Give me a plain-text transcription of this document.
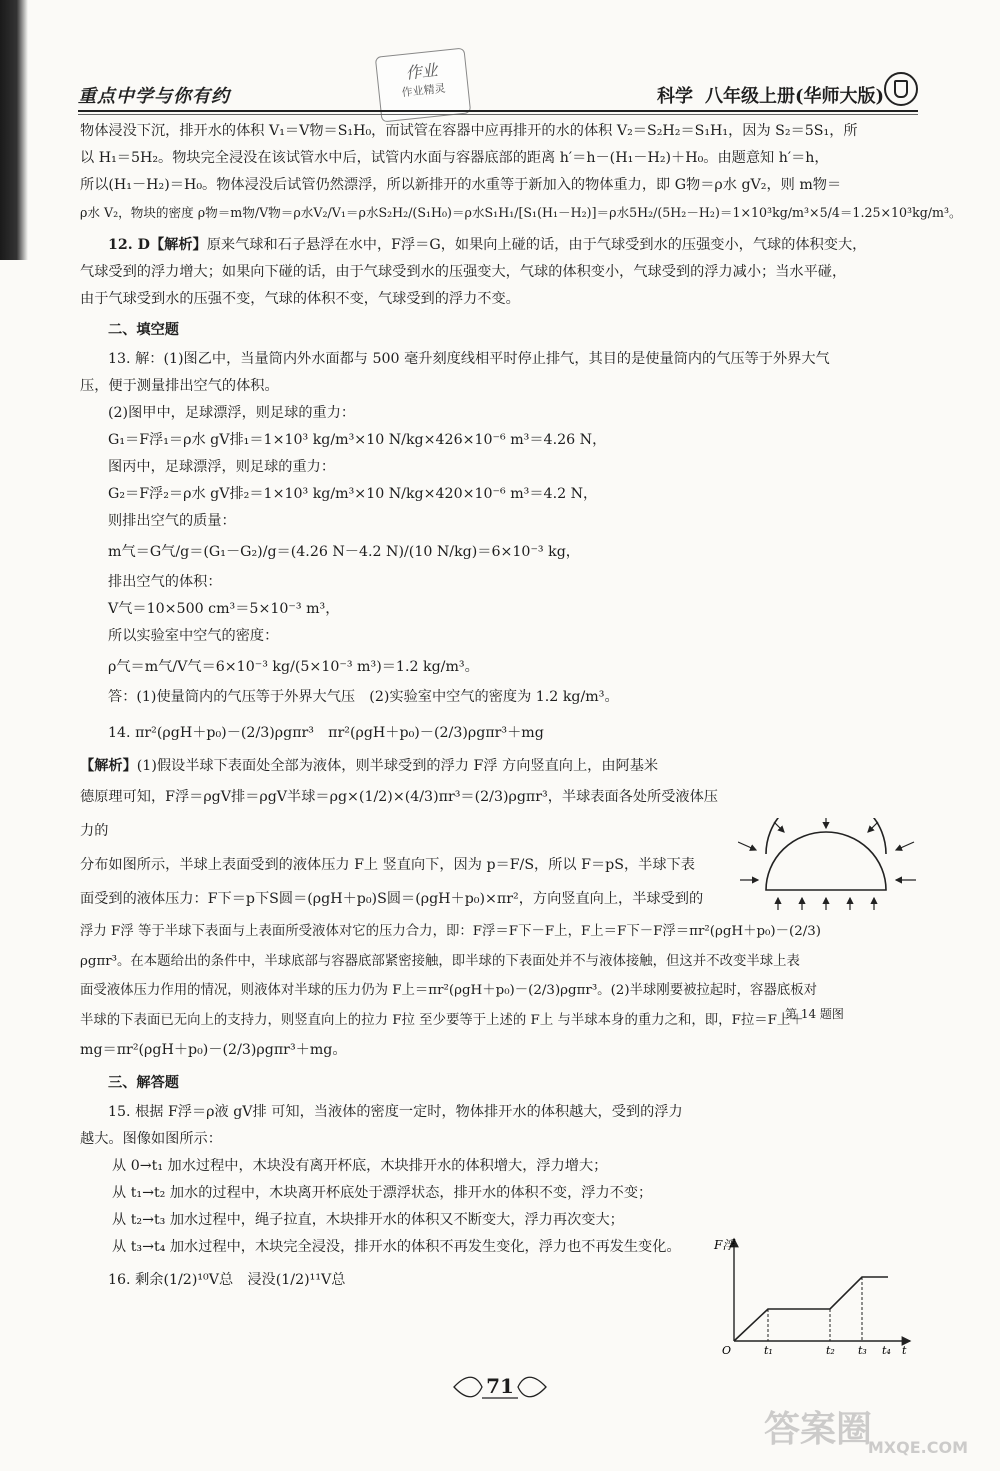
重点中学与你有约
作业
作业精灵	科学 八年级上册(华师大版)

物体浸没下沉，排开水的体积 V₁＝V物＝S₁H₀，而试管在容器中应再排开的水的体积 V₂＝S₂H₂＝S₁H₁，因为 S₂＝5S₁，所

以 H₁＝5H₂。物块完全浸没在该试管水中后，试管内水面与容器底部的距离 h′＝h－(H₁－H₂)＋H₀。由题意知 h′＝h，

所以(H₁－H₂)＝H₀。物体浸没后试管仍然漂浮，所以新排开的水重等于新加入的物体重力，即 G物＝ρ水 gV₂，则 m物＝

ρ水 V₂，物块的密度 ρ物＝m物/V物＝ρ水V₂/V₁＝ρ水S₂H₂/(S₁H₀)＝ρ水S₁H₁/[S₁(H₁－H₂)]＝ρ水5H₂/(5H₂－H₂)＝1×10³kg/m³×5/4＝1.25×10³kg/m³。

12. D【解析】原来气球和石子悬浮在水中，F浮＝G，如果向上碰的话，由于气球受到水的压强变小，气球的体积变大，

气球受到的浮力增大；如果向下碰的话，由于气球受到水的压强变大，气球的体积变小，气球受到的浮力减小；当水平碰，

由于气球受到水的压强不变，气球的体积不变，气球受到的浮力不变。

二、填空题

13. 解：(1)图乙中，当量筒内外水面都与 500 毫升刻度线相平时停止排气，其目的是使量筒内的气压等于外界大气

压，便于测量排出空气的体积。

(2)图甲中，足球漂浮，则足球的重力：

G₁＝F浮₁＝ρ水 gV排₁＝1×10³ kg/m³×10 N/kg×426×10⁻⁶ m³＝4.26 N，

图丙中，足球漂浮，则足球的重力：

G₂＝F浮₂＝ρ水 gV排₂＝1×10³ kg/m³×10 N/kg×420×10⁻⁶ m³＝4.2 N，

则排出空气的质量：

m气＝G气/g＝(G₁－G₂)/g＝(4.26 N－4.2 N)/(10 N/kg)＝6×10⁻³ kg，

排出空气的体积：

V气＝10×500 cm³＝5×10⁻³ m³，

所以实验室中空气的密度：

ρ气＝m气/V气＝6×10⁻³ kg/(5×10⁻³ m³)＝1.2 kg/m³。

答：(1)使量筒内的气压等于外界大气压　(2)实验室中空气的密度为 1.2 kg/m³。

14. πr²(ρgH＋p₀)－(2/3)ρgπr³　πr²(ρgH＋p₀)－(2/3)ρgπr³＋mg

【解析】(1)假设半球下表面处全部为液体，则半球受到的浮力 F浮 方向竖直向上，由阿基米

德原理可知，F浮＝ρgV排＝ρgV半球＝ρg×(1/2)×(4/3)πr³＝(2/3)ρgπr³，半球表面各处所受液体压力的

分布如图所示，半球上表面受到的液体压力 F上 竖直向下，因为 p＝F/S，所以 F＝pS，半球下表

面受到的液体压力：F下＝p下S圆＝(ρgH＋p₀)S圆＝(ρgH＋p₀)×πr²，方向竖直向上，半球受到的

浮力 F浮 等于半球下表面与上表面所受液体对它的压力合力，即：F浮＝F下－F上，F上＝F下－F浮＝πr²(ρgH＋p₀)－(2/3)

ρgπr³。在本题给出的条件中，半球底部与容器底部紧密接触，即半球的下表面处并不与液体接触，但这并不改变半球上表

面受液体压力作用的情况，则液体对半球的压力仍为 F上＝πr²(ρgH＋p₀)－(2/3)ρgπr³。(2)半球刚要被拉起时，容器底板对

半球的下表面已无向上的支持力，则竖直向上的拉力 F拉 至少要等于上述的 F上 与半球本身的重力之和，即，F拉＝F上＋

mg＝πr²(ρgH＋p₀)－(2/3)ρgπr³＋mg。

三、解答题

15. 根据 F浮＝ρ液 gV排 可知，当液体的密度一定时，物体排开水的体积越大，受到的浮力

越大。图像如图所示：

从 0→t₁ 加水过程中，木块没有离开杯底，木块排开水的体积增大，浮力增大；

从 t₁→t₂ 加水的过程中，木块离开杯底处于漂浮状态，排开水的体积不变，浮力不变；

从 t₂→t₃ 加水过程中，绳子拉直，木块排开水的体积又不断变大，浮力再次变大；

从 t₃→t₄ 加水过程中，木块完全浸没，排开水的体积不再发生变化，浮力也不再发生变化。

16. 剩余(1/2)¹⁰V总　浸没(1/2)¹¹V总

第 14 题图
F浮
O	t₁	t₂ t₃ t₄ t
71
答案圈
MXQE.COM
